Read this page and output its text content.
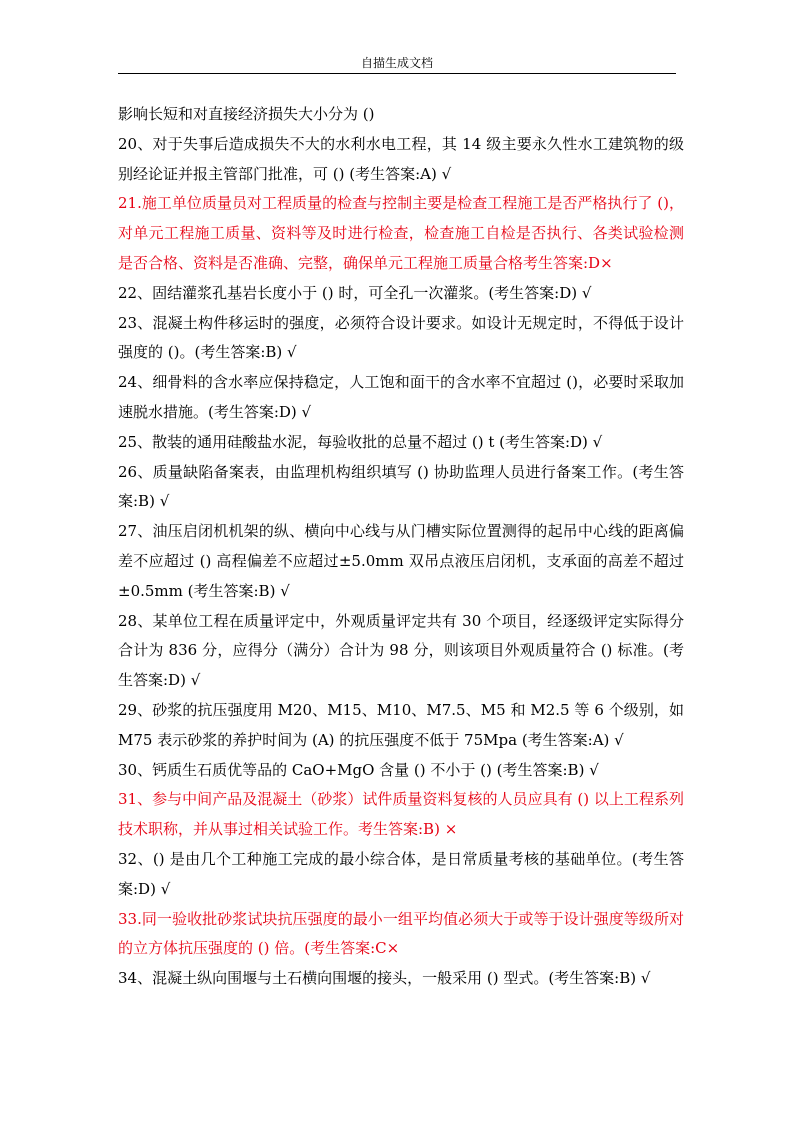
自描生成文档

影响长短和对直接经济损失大小分为 ()

20、对于失事后造成损失不大的水利水电工程，其 14 级主要永久性水工建筑物的级别经论证并报主管部门批准，可 () (考生答案:A) √

21.施工单位质量员对工程质量的检查与控制主要是检查工程施工是否严格执行了 ()，对单元工程施工质量、资料等及时进行检查，检查施工自检是否执行、各类试验检测是否合格、资料是否准确、完整，确保单元工程施工质量合格考生答案:D×

22、固结灌浆孔基岩长度小于 () 时，可全孔一次灌浆。(考生答案:D) √

23、混凝土构件移运时的强度，必须符合设计要求。如设计无规定时，不得低于设计强度的 ()。(考生答案:B) √

24、细骨料的含水率应保持稳定，人工饱和面干的含水率不宜超过 ()，必要时采取加速脱水措施。(考生答案:D) √

25、散装的通用硅酸盐水泥，每验收批的总量不超过 () t (考生答案:D) √

26、质量缺陷备案表，由监理机构组织填写 () 协助监理人员进行备案工作。(考生答案:B) √

27、油压启闭机机架的纵、横向中心线与从门槽实际位置测得的起吊中心线的距离偏差不应超过 () 高程偏差不应超过±5.0mm 双吊点液压启闭机，支承面的高差不超过±0.5mm (考生答案:B) √

28、某单位工程在质量评定中，外观质量评定共有 30 个项目，经逐级评定实际得分合计为 836 分，应得分（满分）合计为 98 分，则该项目外观质量符合 () 标准。(考生答案:D) √

29、砂浆的抗压强度用 M20、M15、M10、M7.5、M5 和 M2.5 等 6 个级别，如 M75 表示砂浆的养护时间为 (A) 的抗压强度不低于 75Mpa (考生答案:A) √

30、钙质生石质优等品的 CaO+MgO 含量 () 不小于 () (考生答案:B) √

31、参与中间产品及混凝土（砂浆）试件质量资料复核的人员应具有 () 以上工程系列技术职称，并从事过相关试验工作。考生答案:B) ×

32、() 是由几个工种施工完成的最小综合体，是日常质量考核的基础单位。(考生答案:D) √

33.同一验收批砂浆试块抗压强度的最小一组平均值必须大于或等于设计强度等级所对的立方体抗压强度的 () 倍。(考生答案:C×

34、混凝土纵向围堰与土石横向围堰的接头，一般采用 () 型式。(考生答案:B) √
